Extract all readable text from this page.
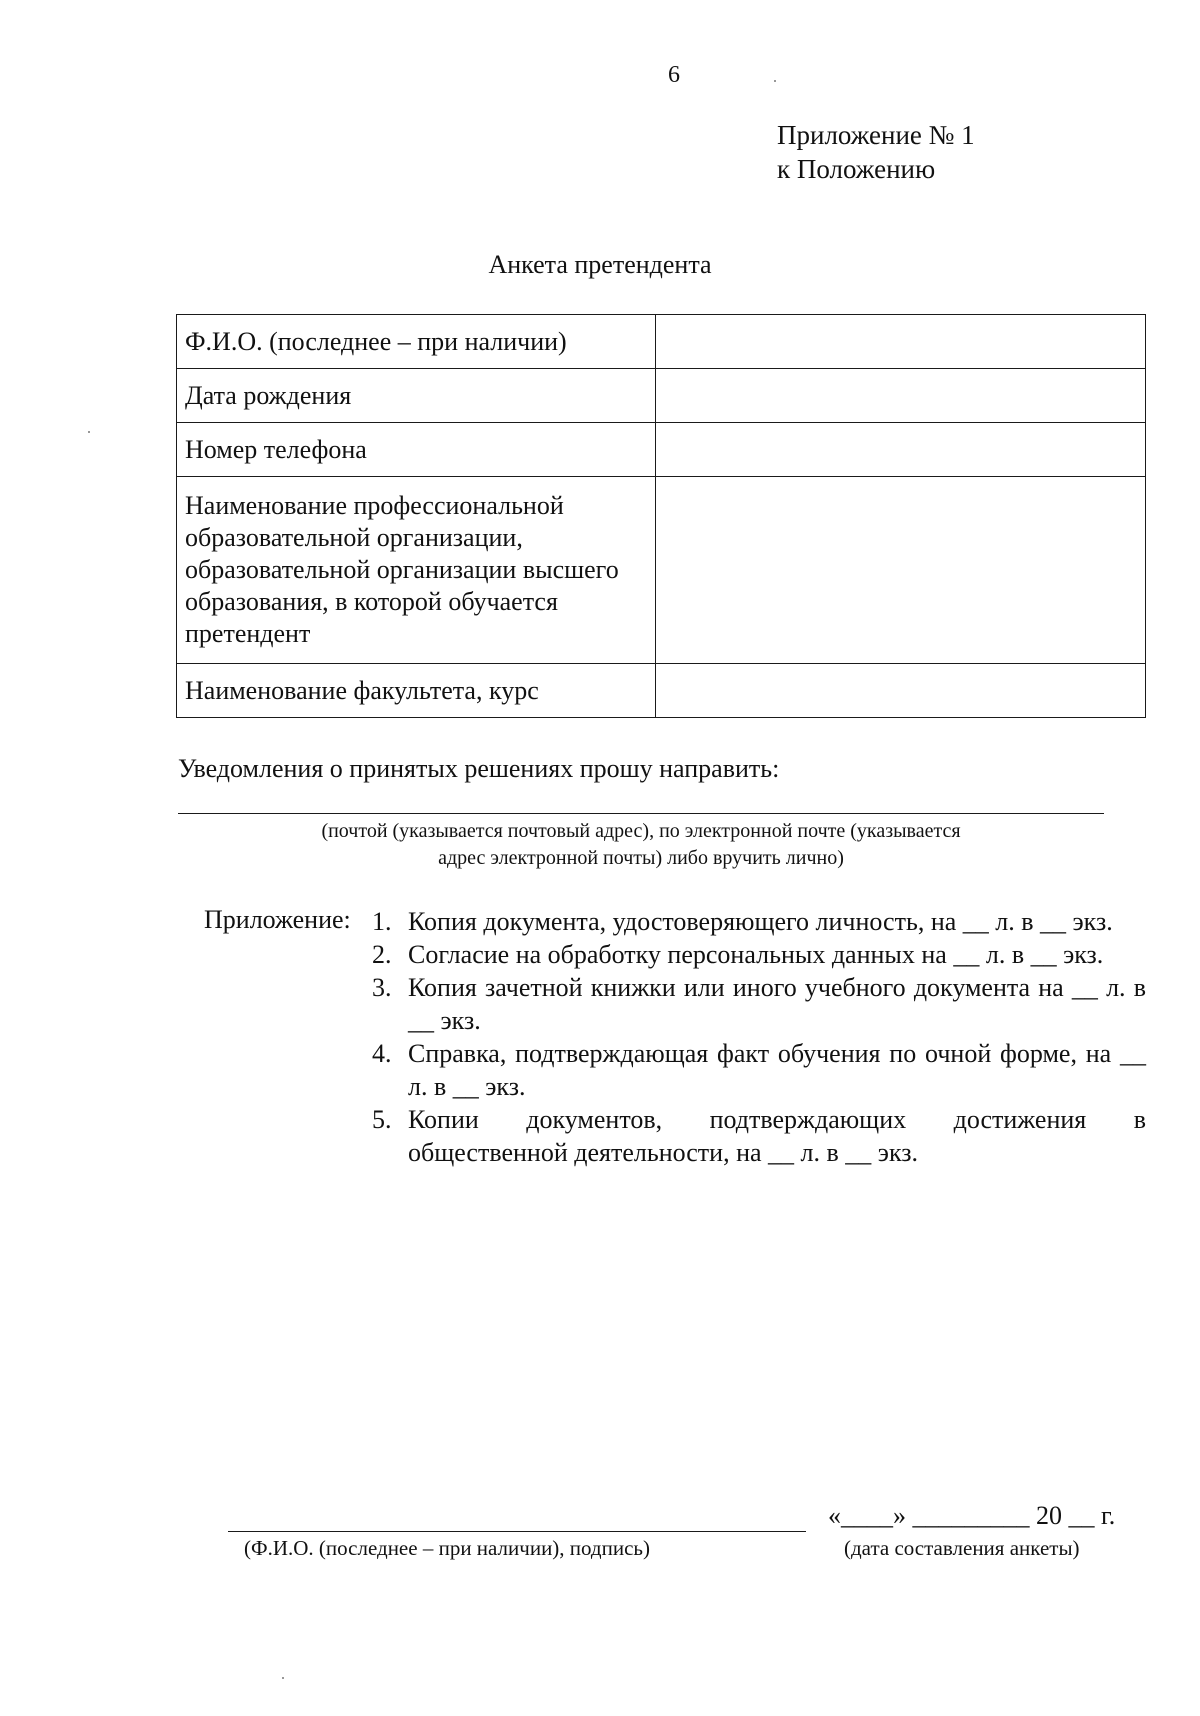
6
Приложение № 1
к Положению
Анкета претендента
Ф.И.О. (последнее – при наличии)	
Дата рождения	
Номер телефона	
Наименование профессиональной образовательной организации, образовательной организации высшего образования, в которой обучается претендент	
Наименование факультета, курс	
Уведомления о принятых решениях прошу направить:
(почтой (указывается почтовый адрес), по электронной почте (указывается
адрес электронной почты) либо вручить лично)
Приложение: 1. Копия документа, удостоверяющего личность, на __ л. в __ экз.
2. Согласие на обработку персональных данных на __ л. в __ экз.
3. Копия зачетной книжки или иного учебного документа на __ л. в __ экз.
4. Справка, подтверждающая факт обучения по очной форме, на __ л. в __ экз.
5. Копии документов, подтверждающих достижения в общественной деятельности, на __ л. в __ экз.
(Ф.И.О. (последнее – при наличии), подпись)
«____» _________ 20 __ г.
(дата составления анкеты)
